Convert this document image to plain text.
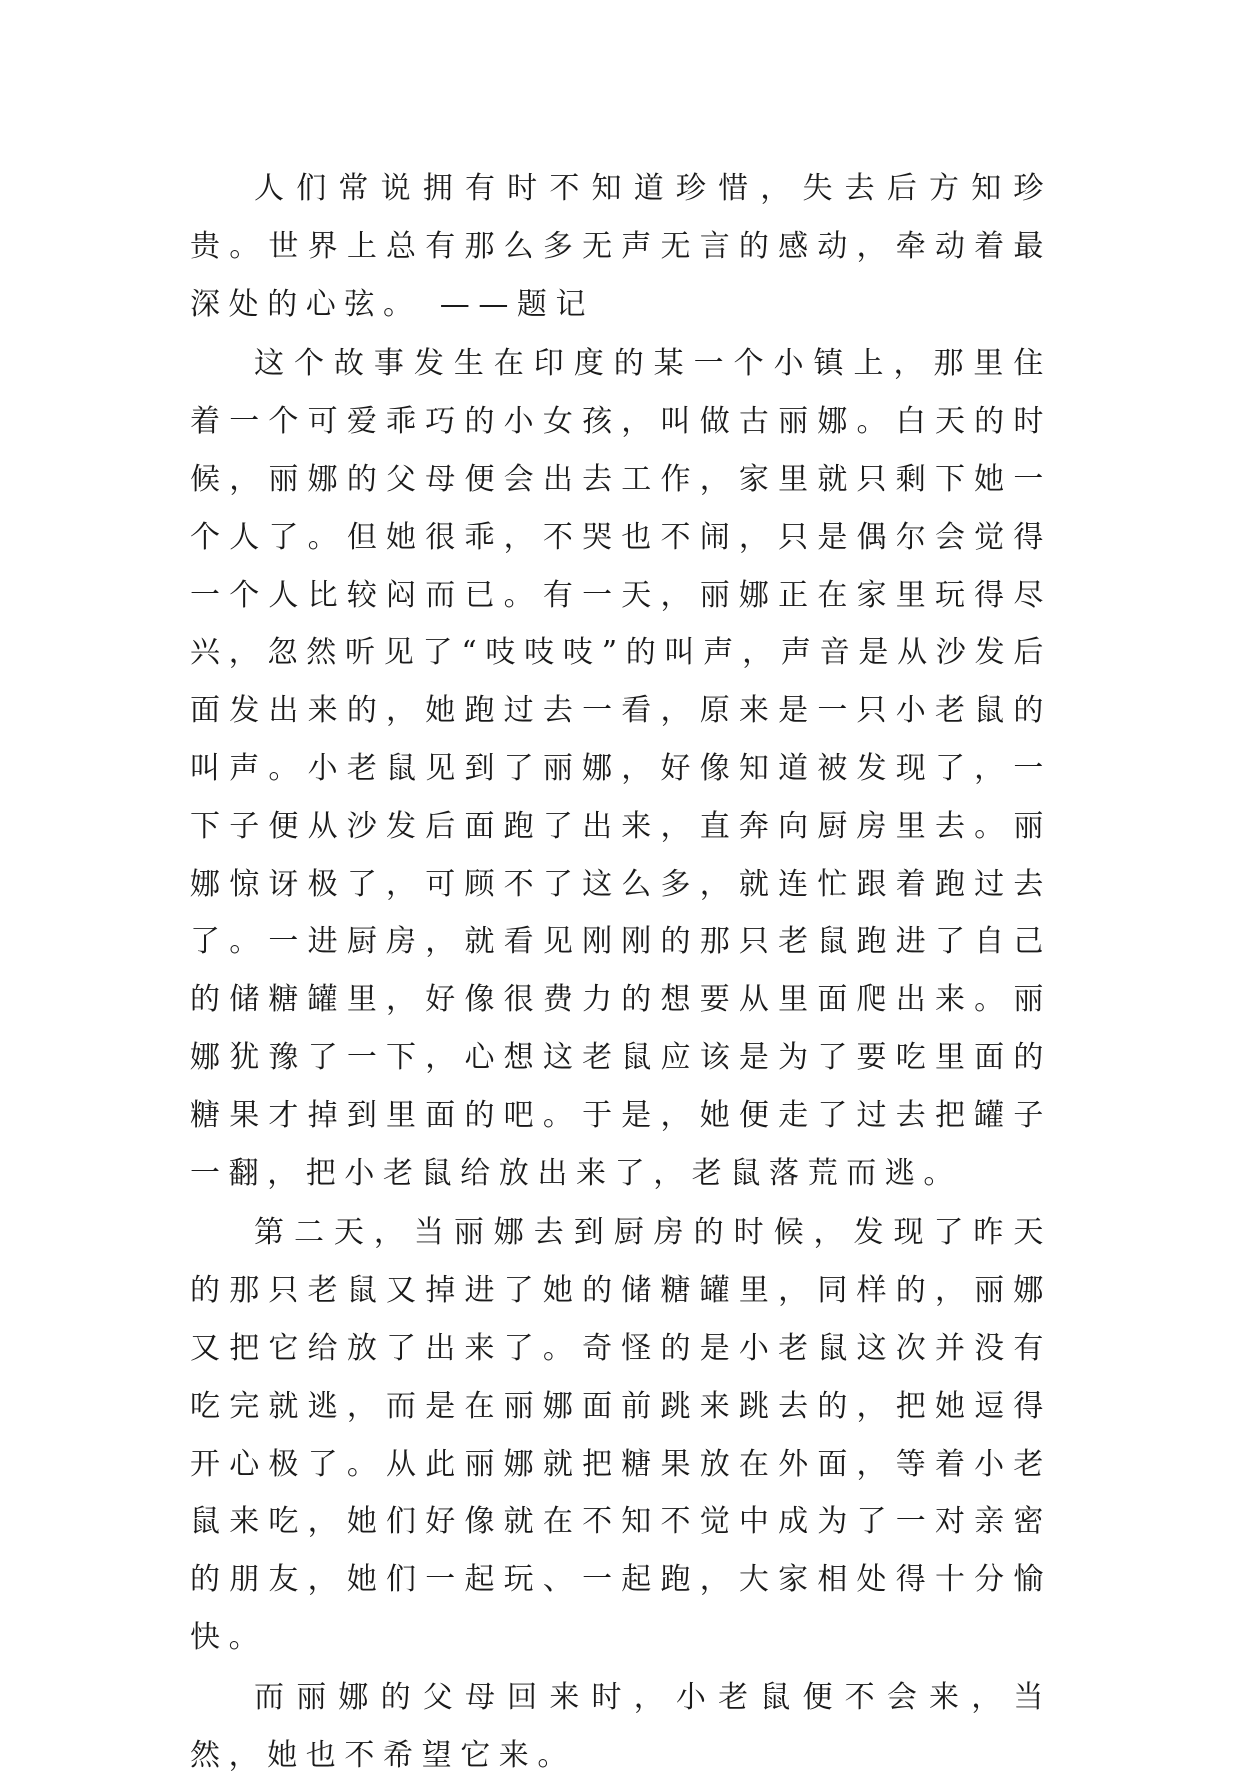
人们常说拥有时不知道珍惜，失去后方知珍贵。世界上总有那么多无声无言的感动，牵动着最深处的心弦。 ——题记

这个故事发生在印度的某一个小镇上，那里住着一个可爱乖巧的小女孩，叫做古丽娜。白天的时候，丽娜的父母便会出去工作，家里就只剩下她一个人了。但她很乖，不哭也不闹，只是偶尔会觉得一个人比较闷而已。有一天，丽娜正在家里玩得尽兴，忽然听见了“吱吱吱”的叫声，声音是从沙发后面发出来的，她跑过去一看，原来是一只小老鼠的叫声。小老鼠见到了丽娜，好像知道被发现了，一下子便从沙发后面跑了出来，直奔向厨房里去。丽娜惊讶极了，可顾不了这么多，就连忙跟着跑过去了。一进厨房，就看见刚刚的那只老鼠跑进了自己的储糖罐里，好像很费力的想要从里面爬出来。丽娜犹豫了一下，心想这老鼠应该是为了要吃里面的糖果才掉到里面的吧。于是，她便走了过去把罐子一翻，把小老鼠给放出来了，老鼠落荒而逃。

第二天，当丽娜去到厨房的时候，发现了昨天的那只老鼠又掉进了她的储糖罐里，同样的，丽娜又把它给放了出来了。奇怪的是小老鼠这次并没有吃完就逃，而是在丽娜面前跳来跳去的，把她逗得开心极了。从此丽娜就把糖果放在外面，等着小老鼠来吃，她们好像就在不知不觉中成为了一对亲密的朋友，她们一起玩、一起跑，大家相处得十分愉快。

而丽娜的父母回来时，小老鼠便不会来，当然，她也不希望它来。
